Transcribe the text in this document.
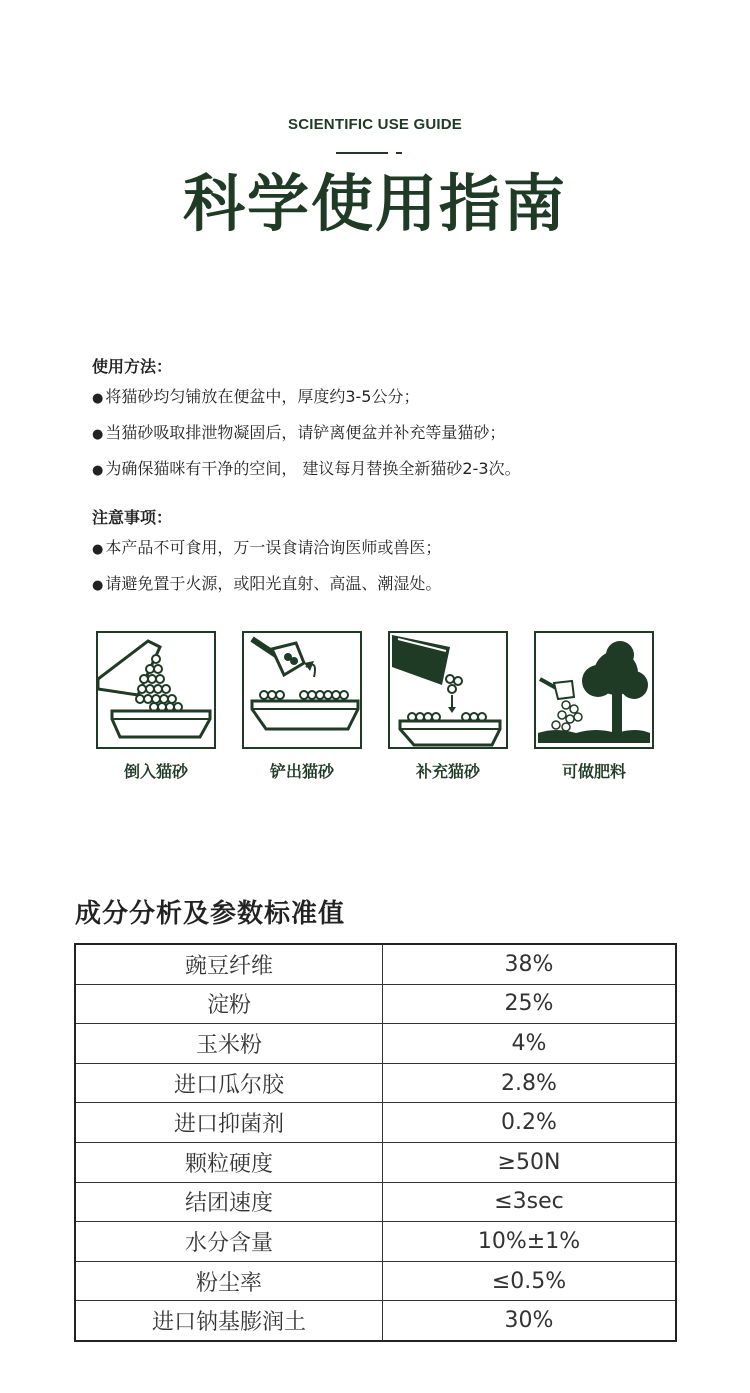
SCIENTIFIC USE GUIDE
科学使用指南
使用方法：
● 将猫砂均匀铺放在便盆中，厚度约3-5公分；
● 当猫砂吸取排泄物凝固后，请铲离便盆并补充等量猫砂；
● 为确保猫咪有干净的空间， 建议每月替换全新猫砂2-3次。
注意事项：
● 本产品不可食用，万一误食请洽询医师或兽医；
● 请避免置于火源，或阳光直射、高温、潮湿处。
倒入猫砂	铲出猫砂	补充猫砂	可做肥料
成分分析及参数标准值
豌豆纤维	38%
淀粉	25%
玉米粉	4%
进口瓜尔胶	2.8%
进口抑菌剂	0.2%
颗粒硬度	≥50N
结团速度	≤3sec
水分含量	10%±1%
粉尘率	≤0.5%
进口钠基膨润土	30%
